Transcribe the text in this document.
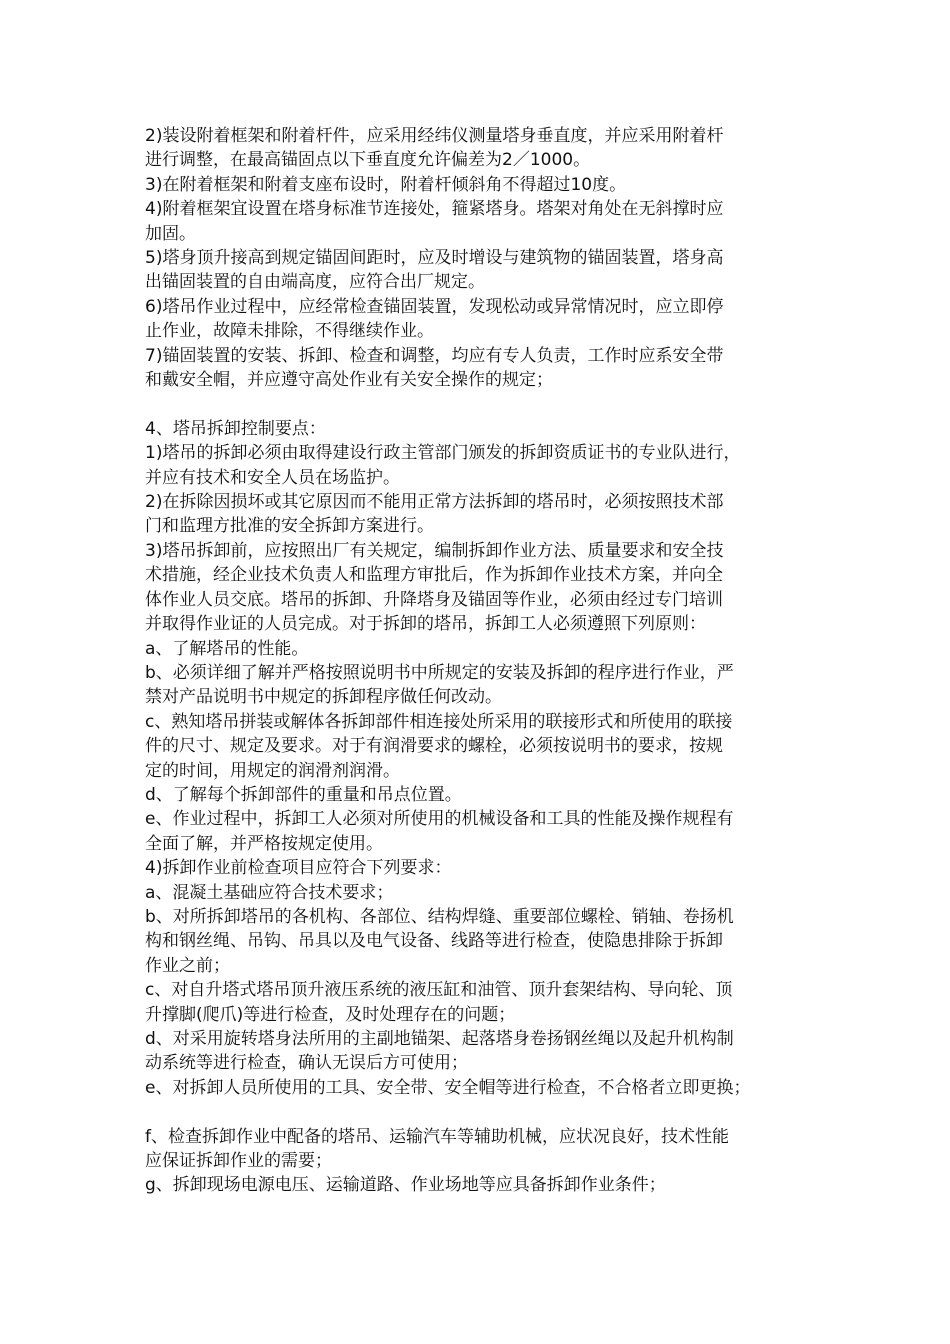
2)装设附着框架和附着杆件，应采用经纬仪测量塔身垂直度，并应采用附着杆
进行调整，在最高锚固点以下垂直度允许偏差为2／1000。
3)在附着框架和附着支座布设时，附着杆倾斜角不得超过10度。
4)附着框架宜设置在塔身标准节连接处，箍紧塔身。塔架对角处在无斜撑时应
加固。
5)塔身顶升接高到规定锚固间距时，应及时增设与建筑物的锚固装置，塔身高
出锚固装置的自由端高度，应符合出厂规定。
6)塔吊作业过程中，应经常检查锚固装置，发现松动或异常情况时，应立即停
止作业，故障未排除，不得继续作业。
7)锚固装置的安装、拆卸、检查和调整，均应有专人负责，工作时应系安全带
和戴安全帽，并应遵守高处作业有关安全操作的规定；
4、塔吊拆卸控制要点：
1)塔吊的拆卸必须由取得建设行政主管部门颁发的拆卸资质证书的专业队进行，
并应有技术和安全人员在场监护。
2)在拆除因损坏或其它原因而不能用正常方法拆卸的塔吊时，必须按照技术部
门和监理方批准的安全拆卸方案进行。
3)塔吊拆卸前，应按照出厂有关规定，编制拆卸作业方法、质量要求和安全技
术措施，经企业技术负责人和监理方审批后，作为拆卸作业技术方案，并向全
体作业人员交底。塔吊的拆卸、升降塔身及锚固等作业，必须由经过专门培训
并取得作业证的人员完成。对于拆卸的塔吊，拆卸工人必须遵照下列原则：
a、了解塔吊的性能。
b、必须详细了解并严格按照说明书中所规定的安装及拆卸的程序进行作业，严
禁对产品说明书中规定的拆卸程序做任何改动。
c、熟知塔吊拼装或解体各拆卸部件相连接处所采用的联接形式和所使用的联接
件的尺寸、规定及要求。对于有润滑要求的螺栓，必须按说明书的要求，按规
定的时间，用规定的润滑剂润滑。
d、了解每个拆卸部件的重量和吊点位置。
e、作业过程中，拆卸工人必须对所使用的机械设备和工具的性能及操作规程有
全面了解，并严格按规定使用。
4)拆卸作业前检查项目应符合下列要求：
a、混凝土基础应符合技术要求；
b、对所拆卸塔吊的各机构、各部位、结构焊缝、重要部位螺栓、销轴、卷扬机
构和钢丝绳、吊钩、吊具以及电气设备、线路等进行检查，使隐患排除于拆卸
作业之前；
c、对自升塔式塔吊顶升液压系统的液压缸和油管、顶升套架结构、导向轮、顶
升撑脚(爬爪)等进行检查，及时处理存在的问题；
d、对采用旋转塔身法所用的主副地锚架、起落塔身卷扬钢丝绳以及起升机构制
动系统等进行检查，确认无误后方可使用；
e、对拆卸人员所使用的工具、安全带、安全帽等进行检查，不合格者立即更换；
f、检查拆卸作业中配备的塔吊、运输汽车等辅助机械，应状况良好，技术性能
应保证拆卸作业的需要；
g、拆卸现场电源电压、运输道路、作业场地等应具备拆卸作业条件；
